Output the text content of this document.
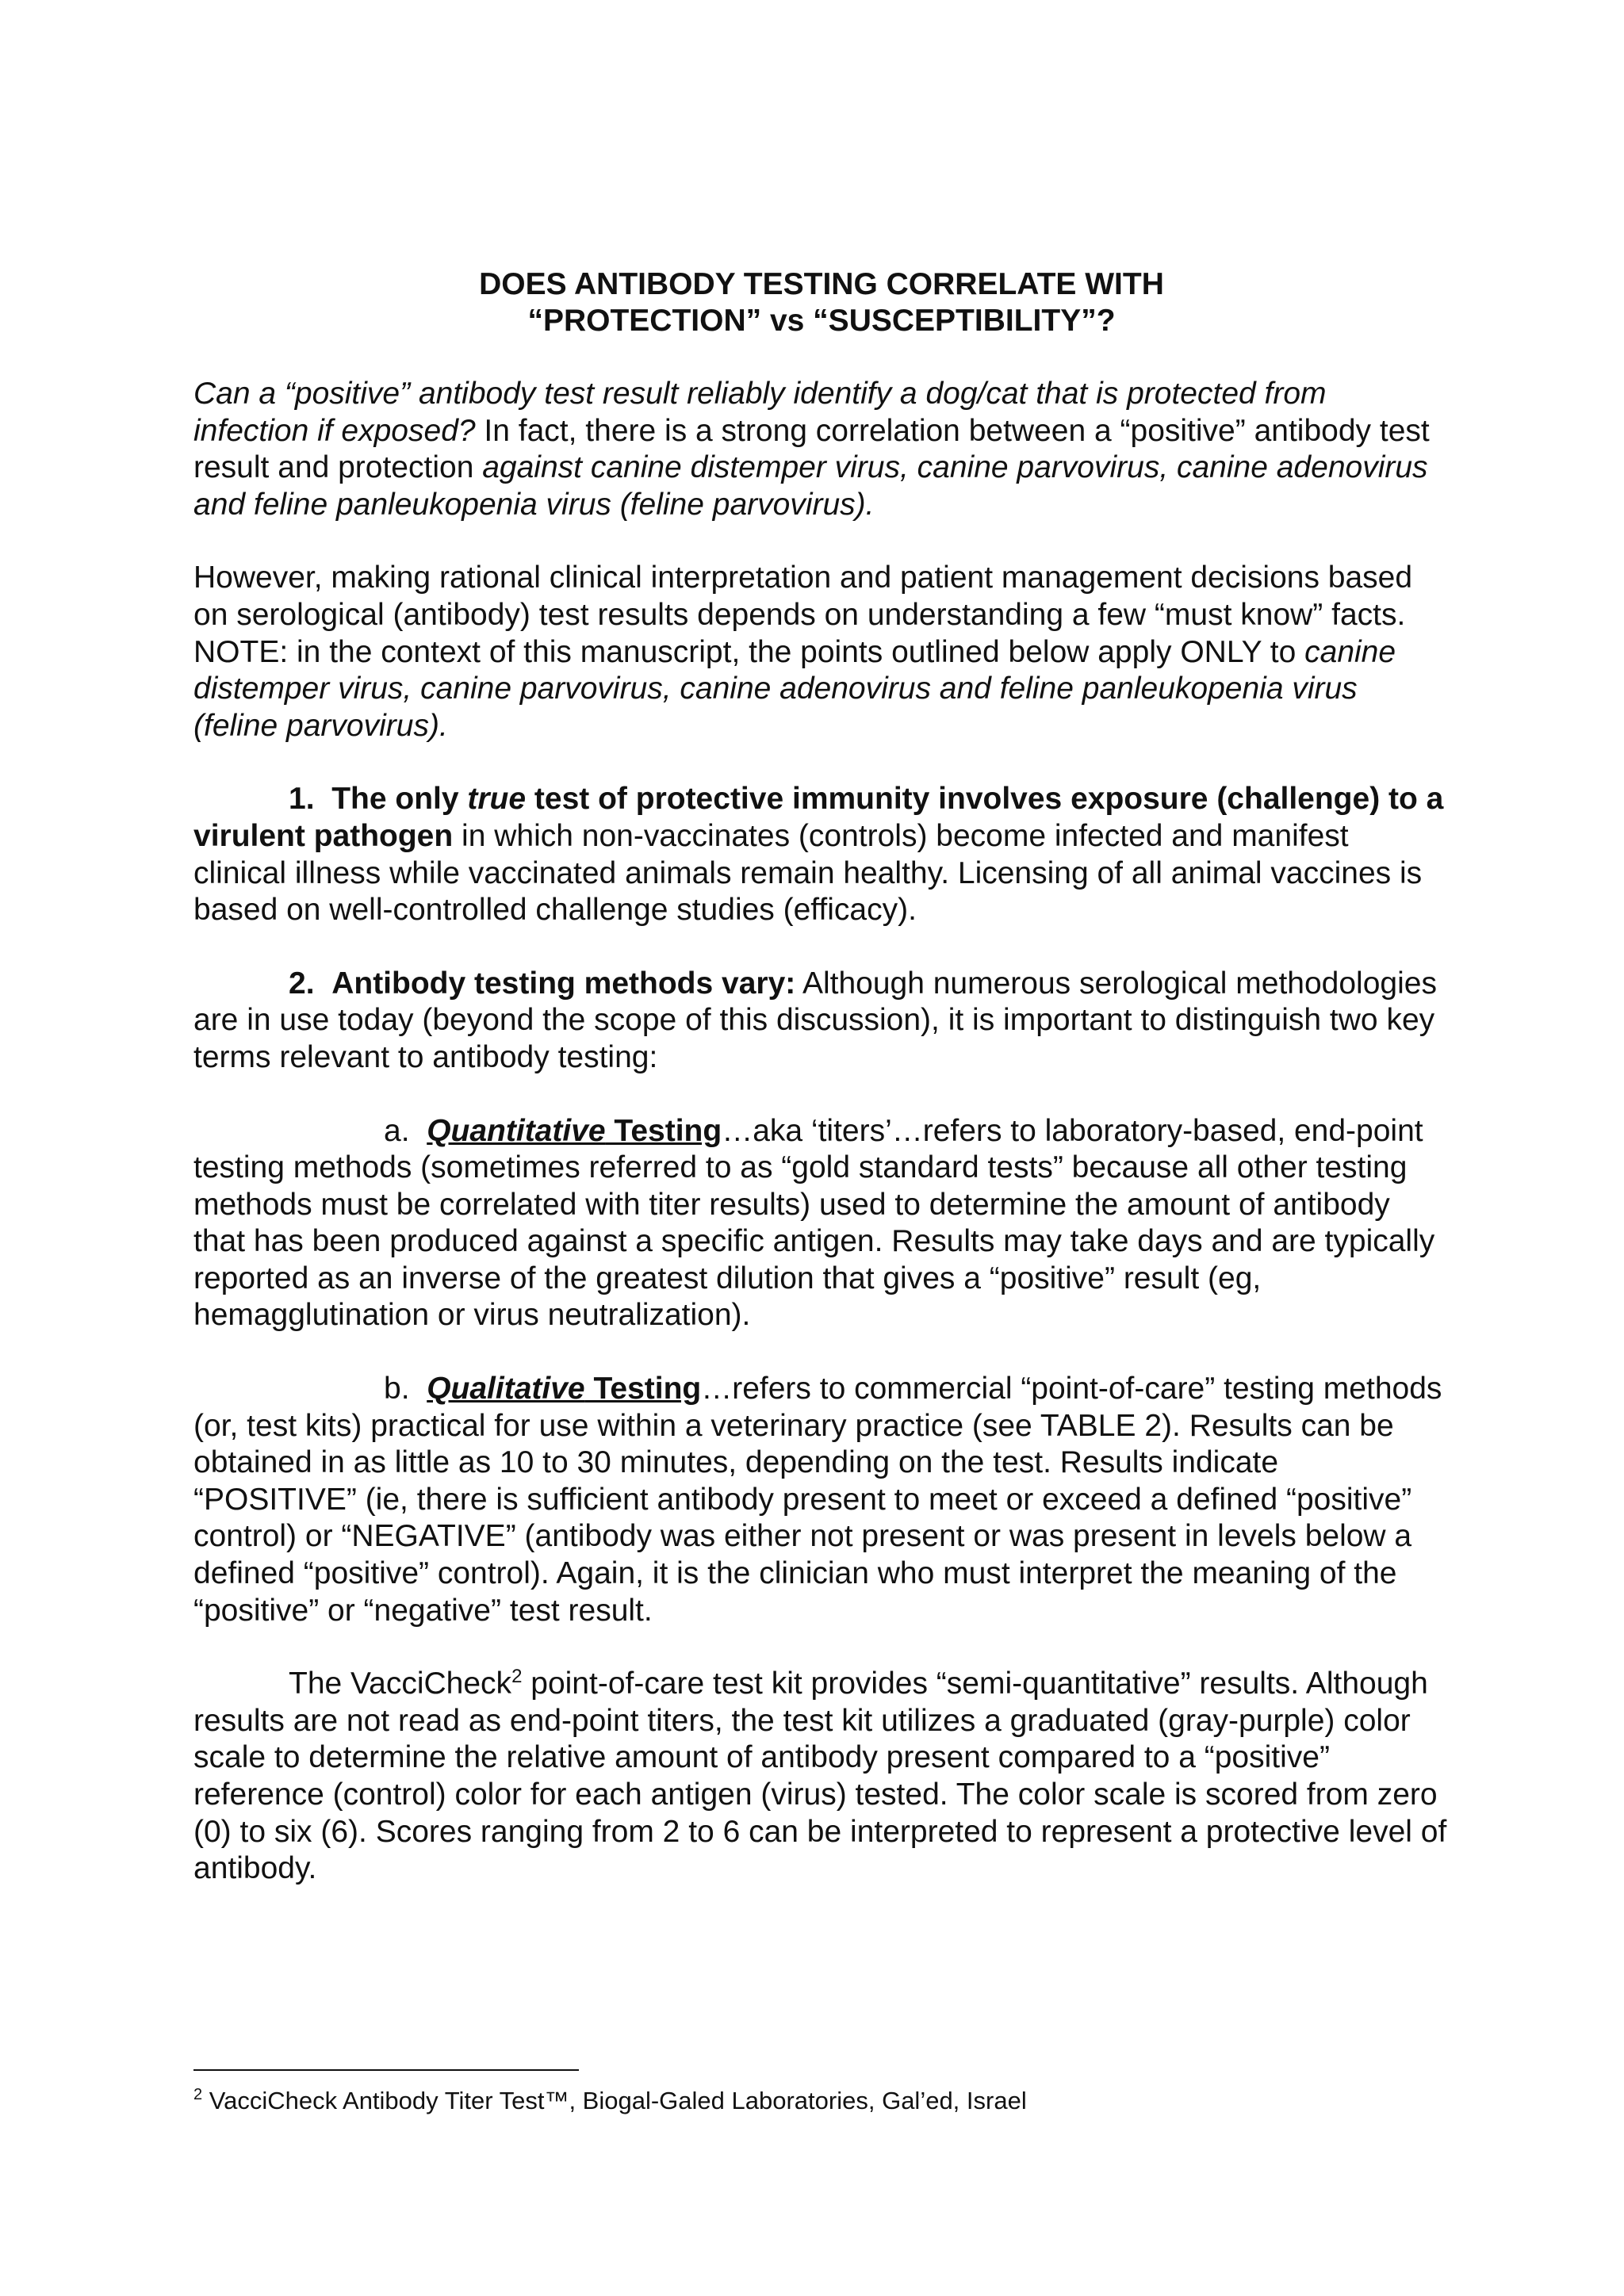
DOES ANTIBODY TESTING CORRELATE WITH
“PROTECTION” vs “SUSCEPTIBILITY”?

Can a “positive” antibody test result reliably identify a dog/cat that is protected from infection if exposed? In fact, there is a strong correlation between a “positive” antibody test result and protection against canine distemper virus, canine parvovirus, canine adenovirus and feline panleukopenia virus (feline parvovirus).

However, making rational clinical interpretation and patient management decisions based on serological (antibody) test results depends on understanding a few “must know” facts. NOTE: in the context of this manuscript, the points outlined below apply ONLY to canine distemper virus, canine parvovirus, canine adenovirus and feline panleukopenia virus (feline parvovirus).

1. The only true test of protective immunity involves exposure (challenge) to a virulent pathogen in which non-vaccinates (controls) become infected and manifest clinical illness while vaccinated animals remain healthy. Licensing of all animal vaccines is based on well-controlled challenge studies (efficacy).

2. Antibody testing methods vary: Although numerous serological methodologies are in use today (beyond the scope of this discussion), it is important to distinguish two key terms relevant to antibody testing:

a. Quantitative Testing…aka ‘titers’…refers to laboratory-based, end-point testing methods (sometimes referred to as “gold standard tests” because all other testing methods must be correlated with titer results) used to determine the amount of antibody that has been produced against a specific antigen. Results may take days and are typically reported as an inverse of the greatest dilution that gives a “positive” result (eg, hemagglutination or virus neutralization).

b. Qualitative Testing…refers to commercial “point-of-care” testing methods (or, test kits) practical for use within a veterinary practice (see TABLE 2). Results can be obtained in as little as 10 to 30 minutes, depending on the test. Results indicate “POSITIVE” (ie, there is sufficient antibody present to meet or exceed a defined “positive” control) or “NEGATIVE” (antibody was either not present or was present in levels below a defined “positive” control). Again, it is the clinician who must interpret the meaning of the “positive” or “negative” test result.

The VacciCheck$^2$ point-of-care test kit provides “semi-quantitative” results. Although results are not read as end-point titers, the test kit utilizes a graduated (gray-purple) color scale to determine the relative amount of antibody present compared to a “positive” reference (control) color for each antigen (virus) tested. The color scale is scored from zero (0) to six (6). Scores ranging from 2 to 6 can be interpreted to represent a protective level of antibody.

$^2$ VacciCheck Antibody Titer Test™, Biogal-Galed Laboratories, Gal’ed, Israel
